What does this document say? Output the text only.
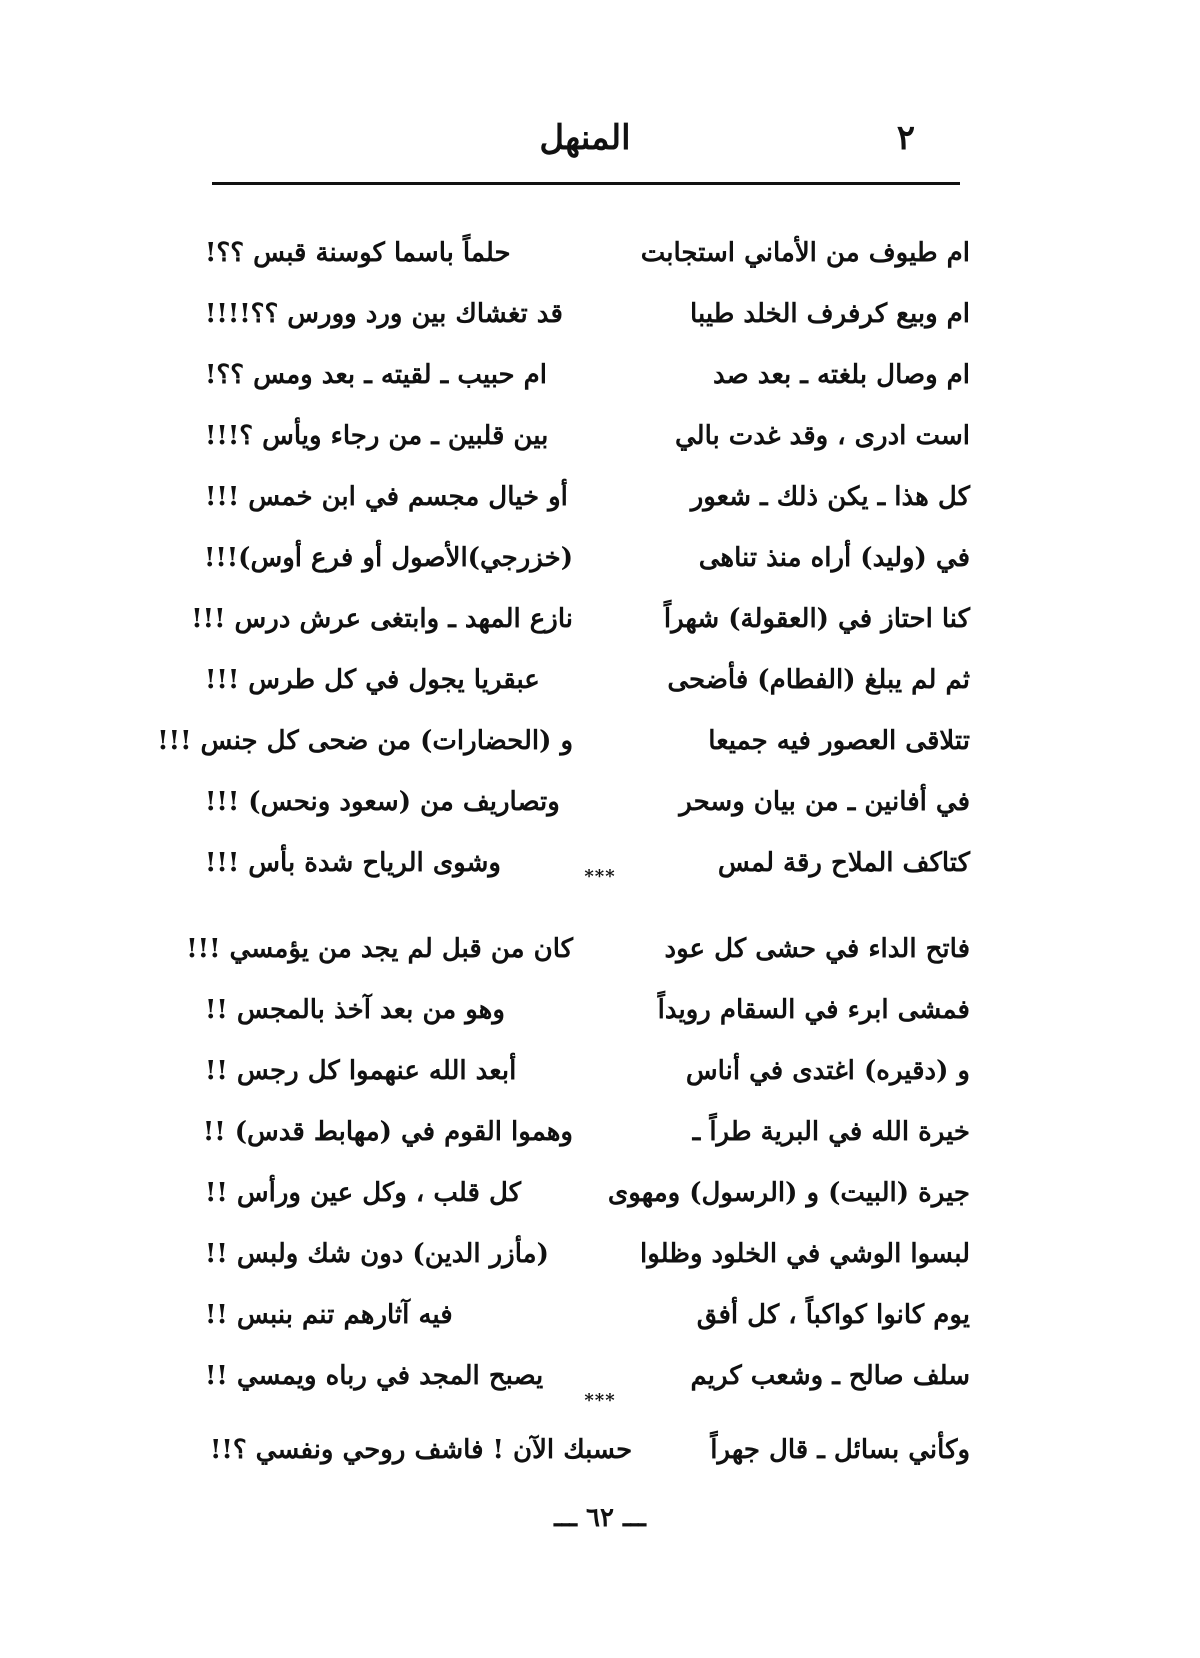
٢
المنهل
ام طيوف من الأماني استجابت
حلماً باسما كوسنة قبس ؟؟!
ام وبيع كرفرف الخلد طيبا
قد تغشاك بين ورد وورس ؟؟!!!!
ام وصال بلغته ـ بعد صد
ام حبيب ـ لقيته ـ بعد ومس ؟؟!
است ادرى ، وقد غدت بالي
بين قلبين ـ من رجاء ويأس ؟!!!
كل هذا ـ يكن ذلك ـ شعور
أو خيال مجسم في ابن خمس !!!
في (وليد) أراه منذ تناهى
(خزرجي)الأصول أو فرع أوس)!!!
كنا احتاز في (العقولة) شهراً
نازع المهد ـ وابتغى عرش درس !!!
ثم لم يبلغ (الفطام) فأضحى
عبقريا يجول في كل طرس !!!
تتلاقى العصور فيه جميعا
و (الحضارات) من ضحى كل جنس !!!
في أفانين ـ من بيان وسحر
وتصاريف من (سعود ونحس) !!!
كتاكف الملاح رقة لمس
وشوى الرياح شدة بأس !!!	***
فاتح الداء في حشى كل عود
كان من قبل لم يجد من يؤمسي !!!
فمشى ابرء في السقام رويداً
وهو من بعد آخذ بالمجس !!
و (دقيره) اغتدى في أناس
أبعد الله عنهموا كل رجس !!
خيرة الله في البرية طراً ـ
وهموا القوم في (مهابط قدس) !!
جيرة (البيت) و (الرسول) ومهوى
كل قلب ، وكل عين ورأس !!
لبسوا الوشي في الخلود وظلوا
(مأزر الدين) دون شك ولبس !!
يوم كانوا كواكباً ، كل أفق
فيه آثارهم تنم بنبس !!
سلف صالح ـ وشعب كريم
يصبح المجد في رباه ويمسي !!
***
وكأني بسائل ـ قال جهراً
حسبك الآن ! فاشف روحي ونفسي ؟!!
ـــ ٦٢ ـــ
